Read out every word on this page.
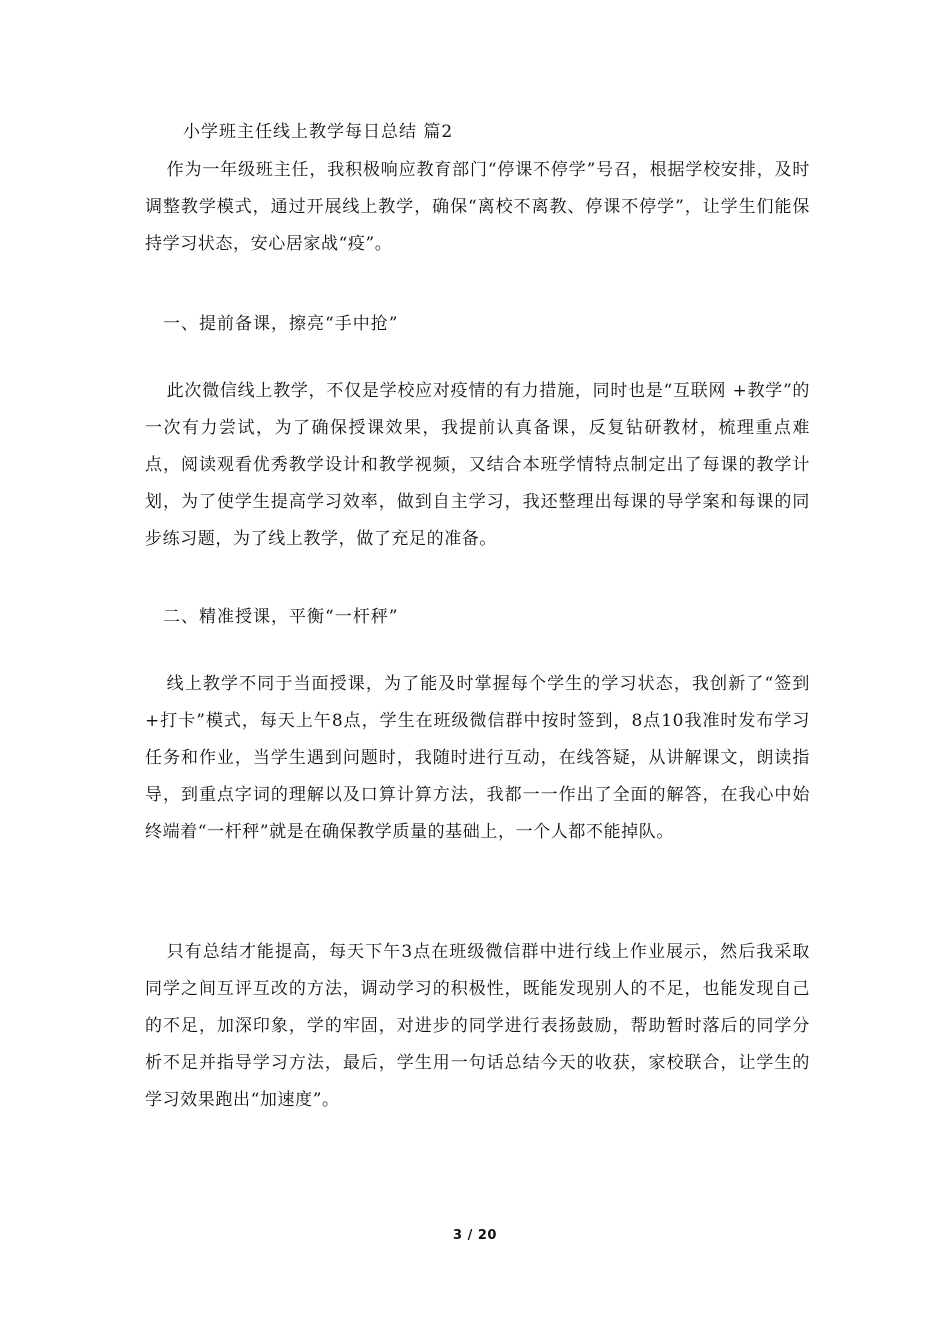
小学班主任线上教学每日总结 篇2

作为一年级班主任，我积极响应教育部门“停课不停学”号召，根据学校安排，及时调整教学模式，通过开展线上教学，确保“离校不离教、停课不停学”，让学生们能保持学习状态，安心居家战“疫”。

一、提前备课，擦亮“手中抢”

此次微信线上教学，不仅是学校应对疫情的有力措施，同时也是“互联网 +教学”的一次有力尝试，为了确保授课效果，我提前认真备课，反复钻研教材，梳理重点难点，阅读观看优秀教学设计和教学视频，又结合本班学情特点制定出了每课的教学计划，为了使学生提高学习效率，做到自主学习，我还整理出每课的导学案和每课的同步练习题，为了线上教学，做了充足的准备。

二、精准授课，平衡“一杆秤”

线上教学不同于当面授课，为了能及时掌握每个学生的学习状态，我创新了“签到+打卡”模式，每天上午8点，学生在班级微信群中按时签到，8点10我准时发布学习任务和作业，当学生遇到问题时，我随时进行互动，在线答疑，从讲解课文，朗读指导，到重点字词的理解以及口算计算方法，我都一一作出了全面的解答，在我心中始终端着“一杆秤”就是在确保教学质量的基础上，一个人都不能掉队。

只有总结才能提高，每天下午3点在班级微信群中进行线上作业展示，然后我采取同学之间互评互改的方法，调动学习的积极性，既能发现别人的不足，也能发现自己的不足，加深印象，学的牢固，对进步的同学进行表扬鼓励，帮助暂时落后的同学分析不足并指导学习方法，最后，学生用一句话总结今天的收获，家校联合，让学生的学习效果跑出“加速度”。

3 / 20
